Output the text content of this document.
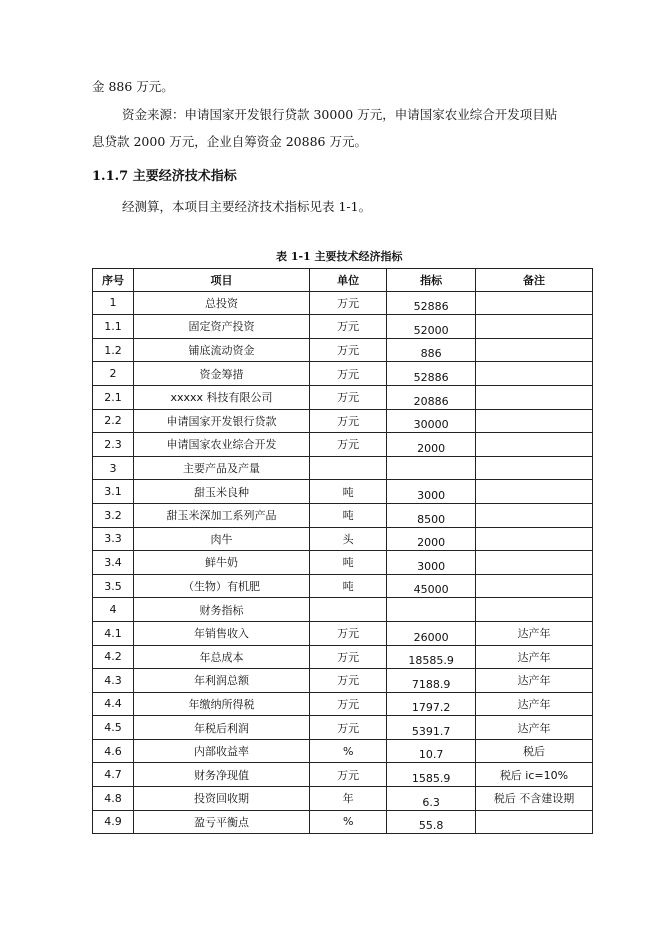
金 886 万元。
资金来源：申请国家开发银行贷款 30000 万元，申请国家农业综合开发项目贴
息贷款 2000 万元，企业自筹资金 20886 万元。
1.1.7 主要经济技术指标
经测算，本项目主要经济技术指标见表 1-1。
表 1-1 主要技术经济指标
序号	项目	单位	指标	备注
1	总投资	万元	52886	
1.1	固定资产投资	万元	52000	
1.2	铺底流动资金	万元	886	
2	资金筹措	万元	52886	
2.1	xxxxx 科技有限公司	万元	20886	
2.2	申请国家开发银行贷款	万元	30000	
2.3	申请国家农业综合开发	万元	2000	
3	主要产品及产量			
3.1	甜玉米良种	吨	3000	
3.2	甜玉米深加工系列产品	吨	8500	
3.3	肉牛	头	2000	
3.4	鲜牛奶	吨	3000	
3.5	（生物）有机肥	吨	45000	
4	财务指标			
4.1	年销售收入	万元	26000	达产年
4.2	年总成本	万元	18585.9	达产年
4.3	年利润总额	万元	7188.9	达产年
4.4	年缴纳所得税	万元	1797.2	达产年
4.5	年税后利润	万元	5391.7	达产年
4.6	内部收益率	%	10.7	税后
4.7	财务净现值	万元	1585.9	税后 ic=10%
4.8	投资回收期	年	6.3	税后 不含建设期
4.9	盈亏平衡点	%	55.8	
